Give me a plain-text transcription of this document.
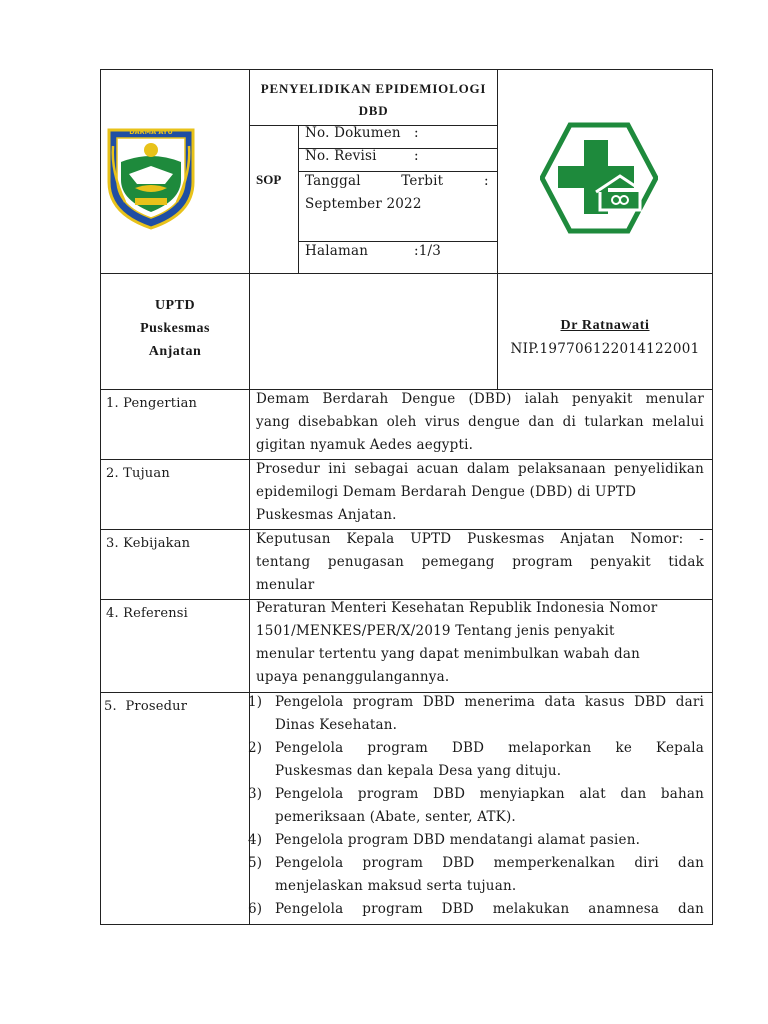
DARMA AYU
PENYELIDIKAN EPIDEMIOLOGI DBD
SOP
No. Dokumen :
No. Revisi	:
Tanggal Terbit	:
September 2022
Halaman	:1/3
UPTD
Puskesmas
Anjatan
Dr Ratnawati
NIP.197706122014122001
1. Pengertian	Demam Berdarah Dengue (DBD) ialah penyakit menular
yang disebabkan oleh virus dengue dan di tularkan melalui
gigitan nyamuk Aedes aegypti.
2. Tujuan	Prosedur ini sebagai acuan dalam pelaksanaan penyelidikan
epidemilogi Demam Berdarah Dengue (DBD) di UPTD
Puskesmas Anjatan.
3. Kebijakan	Keputusan Kepala UPTD Puskesmas Anjatan Nomor: -
tentang penugasan pemegang program penyakit tidak
menular
4. Referensi	Peraturan Menteri Kesehatan Republik Indonesia Nomor
1501/MENKES/PER/X/2019 Tentang jenis penyakit
menular tertentu yang dapat menimbulkan wabah dan
upaya penanggulangannya.
5.  Prosedur	1) Pengelola program DBD menerima data kasus DBD dari
Dinas Kesehatan.
2) Pengelola program DBD melaporkan ke Kepala
Puskesmas dan kepala Desa yang dituju.
3) Pengelola program DBD menyiapkan alat dan bahan
pemeriksaan (Abate, senter, ATK).
4) Pengelola program DBD mendatangi alamat pasien.
5) Pengelola program DBD memperkenalkan diri dan
menjelaskan maksud serta tujuan.
6) Pengelola program DBD melakukan anamnesa dan
